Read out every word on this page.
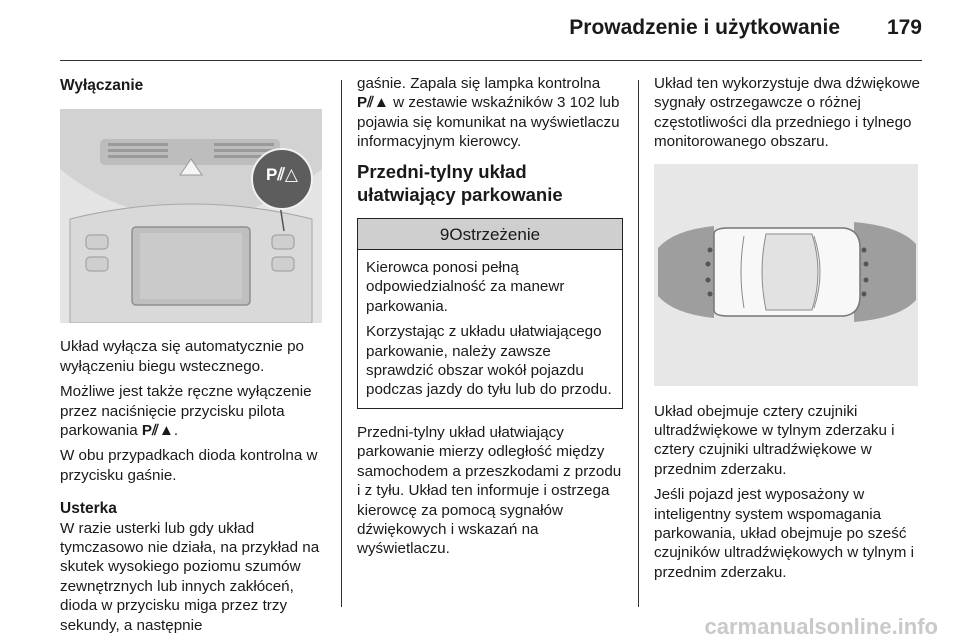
Prowadzenie i użytkowanie 179
Wyłączanie
P⫽△

Układ wyłącza się automatycznie po wyłączeniu biegu wstecznego.

Możliwe jest także ręczne wyłączenie przez naciśnięcie przycisku pilota parkowania P⫽▲.

W obu przypadkach dioda kontrolna w przycisku gaśnie.

Usterka

W razie usterki lub gdy układ tymczasowo nie działa, na przykład na skutek wysokiego poziomu szumów zewnętrznych lub innych zakłóceń, dioda w przycisku miga przez trzy sekundy, a następnie

gaśnie. Zapala się lampka kontrolna P⫽▲ w zestawie wskaźników 3 102 lub pojawia się komunikat na wyświetlaczu informacyjnym kierowcy.

Przedni-tylny układ ułatwiający parkowanie
9Ostrzeżenie

Kierowca ponosi pełną odpowiedzialność za manewr parkowania.

Korzystając z układu ułatwiającego parkowanie, należy zawsze sprawdzić obszar wokół pojazdu podczas jazdy do tyłu lub do przodu.

Przedni-tylny układ ułatwiający parkowanie mierzy odległość między samochodem a przeszkodami z przodu i z tyłu. Układ ten informuje i ostrzega kierowcę za pomocą sygnałów dźwiękowych i wskazań na wyświetlaczu.

Układ ten wykorzystuje dwa dźwiękowe sygnały ostrzegawcze o różnej częstotliwości dla przedniego i tylnego monitorowanego obszaru.

Układ obejmuje cztery czujniki ultradźwiękowe w tylnym zderzaku i cztery czujniki ultradźwiękowe w przednim zderzaku.

Jeśli pojazd jest wyposażony w inteligentny system wspomagania parkowania, układ obejmuje po sześć czujników ultradźwiękowych w tylnym i przednim zderzaku.

carmanualsonline.info
